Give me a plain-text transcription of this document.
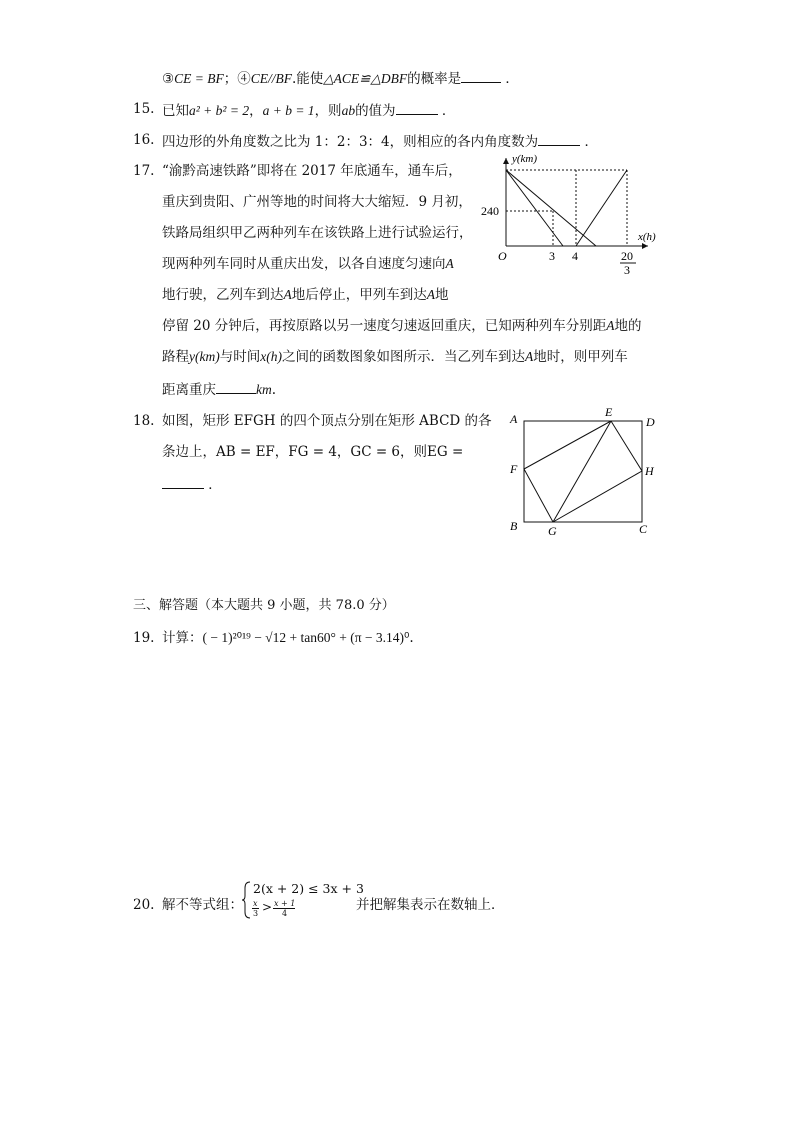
③CE = BF；④CE//BF.能使△ACE≌△DBF的概率是	．
15. 已知a² + b² = 2，a + b = 1，则ab的值为	．
16. 四边形的外角度数之比为 1：2：3：4，则相应的各内角度数为	．
17. “渝黔高速铁路”即将在 2017 年底通车，通车后，
重庆到贵阳、广州等地的时间将大大缩短．9 月初，
铁路局组织甲乙两种列车在该铁路上进行试验运行，
现两种列车同时从重庆出发，以各自速度匀速向A
地行驶，乙列车到达A地后停止，甲列车到达A地
停留 20 分钟后，再按原路以另一速度匀速返回重庆，已知两种列车分别距A地的
路程y(km)与时间x(h)之间的函数图象如图所示．当乙列车到达A地时，则甲列车
距离重庆	km.
y(km)
x(h)
O
240
3 4	20
3
18. 如图，矩形 EFGH 的四个顶点分别在矩形 ABCD 的各
条边上，AB = EF，FG = 4，GC = 6，则EG =
．
A	D
B	C
E
F
G
H
三、解答题（本大题共 9 小题，共 78.0 分）
19. 计算：( − 1)²⁰¹⁹ − √12 + tan60° + (π − 3.14)⁰.
20. 解不等式组：
2(x + 2) ≤ 3x + 3
x
3 > x + 1
4
并把解集表示在数轴上．
